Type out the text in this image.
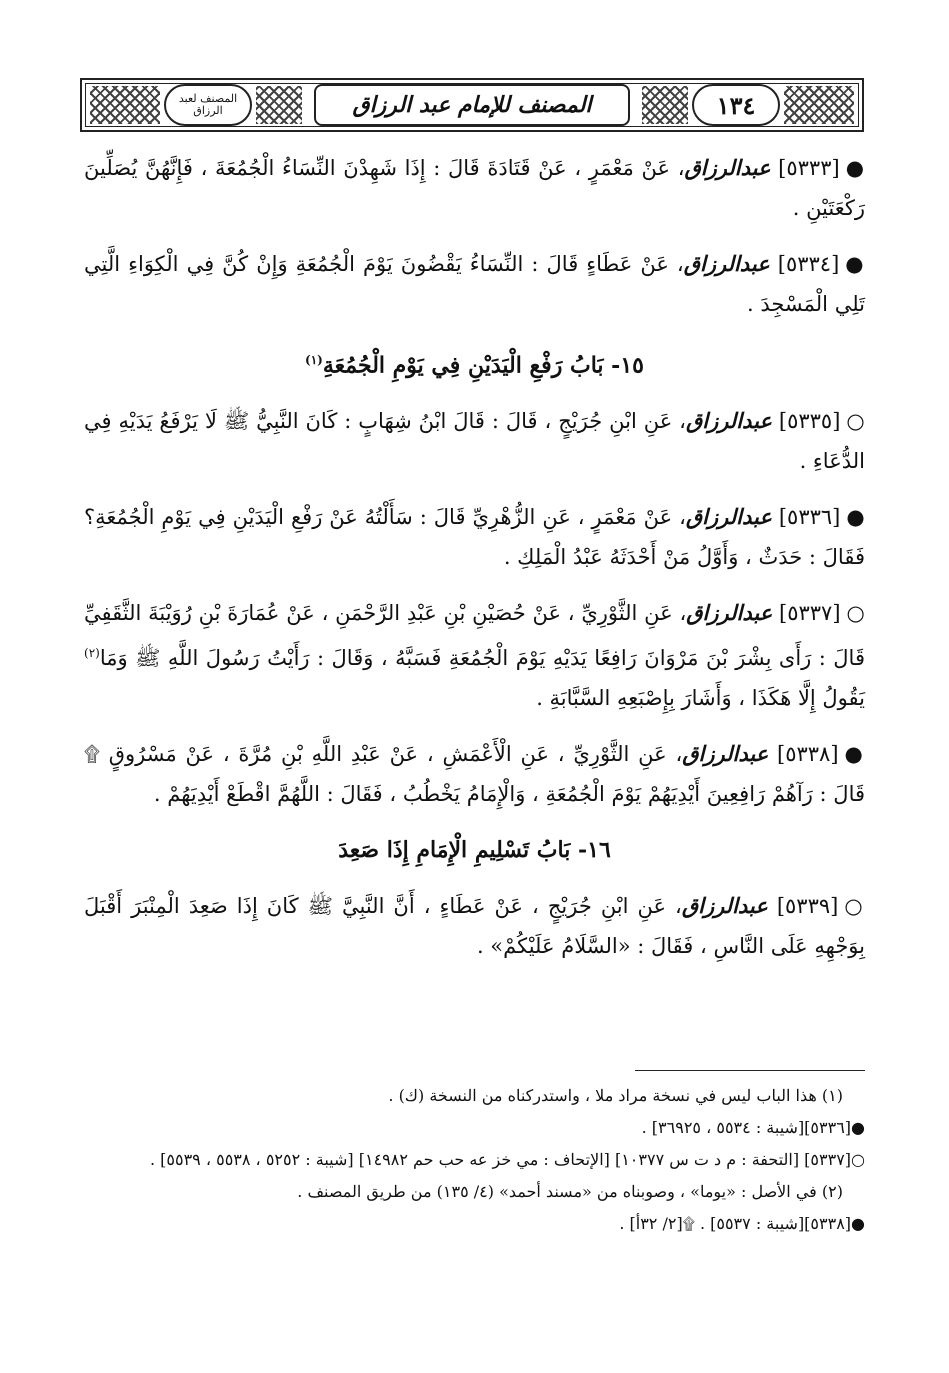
١٣٤
المصنف للإمام عبد الرزاق
المصنف لعبد الرزاق

●[٥٣٣٣] عبدالرزاق، عَنْ مَعْمَرٍ ، عَنْ قَتَادَةَ قَالَ : إِذَا شَهِدْنَ النِّسَاءُ الْجُمُعَةَ ، فَإِنَّهُنَّ يُصَلِّينَ رَكْعَتَيْنِ .

●[٥٣٣٤] عبدالرزاق، عَنْ عَطَاءٍ قَالَ : النِّسَاءُ يَقْضُونَ يَوْمَ الْجُمُعَةِ وَإِنْ كُنَّ فِي الْكِوَاءِ الَّتِي تَلِي الْمَسْجِدَ .

١٥- بَابُ رَفْعِ الْيَدَيْنِ فِي يَوْمِ الْجُمُعَةِ$^{(١)}$

○[٥٣٣٥] عبدالرزاق، عَنِ ابْنِ جُرَيْجٍ ، قَالَ : قَالَ ابْنُ شِهَابٍ : كَانَ النَّبِيُّ ﷺ لَا يَرْفَعُ يَدَيْهِ فِي الدُّعَاءِ .

●[٥٣٣٦] عبدالرزاق، عَنْ مَعْمَرٍ ، عَنِ الزُّهْرِيِّ قَالَ : سَأَلْتُهُ عَنْ رَفْعِ الْيَدَيْنِ فِي يَوْمِ الْجُمُعَةِ؟ فَقَالَ : حَدَثٌ ، وَأَوَّلُ مَنْ أَحْدَثَهُ عَبْدُ الْمَلِكِ .

○[٥٣٣٧] عبدالرزاق، عَنِ الثَّوْرِيِّ ، عَنْ حُصَيْنِ بْنِ عَبْدِ الرَّحْمَنِ ، عَنْ عُمَارَةَ بْنِ رُوَيْبَةَ الثَّقَفِيِّ قَالَ : رَأَى بِشْرَ بْنَ مَرْوَانَ رَافِعًا يَدَيْهِ يَوْمَ الْجُمُعَةِ فَسَبَّهُ ، وَقَالَ : رَأَيْتُ رَسُولَ اللَّهِ ﷺ وَمَا$^{(٢)}$ يَقُولُ إِلَّا هَكَذَا ، وَأَشَارَ بِإِصْبَعِهِ السَّبَّابَةِ .

●[٥٣٣٨] عبدالرزاق، عَنِ الثَّوْرِيِّ ، عَنِ الْأَعْمَشِ ، عَنْ عَبْدِ اللَّهِ بْنِ مُرَّةَ ، عَنْ مَسْرُوقٍ ۩ قَالَ : رَآهُمْ رَافِعِينَ أَيْدِيَهُمْ يَوْمَ الْجُمُعَةِ ، وَالْإِمَامُ يَخْطُبُ ، فَقَالَ : اللَّهُمَّ اقْطَعْ أَيْدِيَهُمْ .

١٦- بَابُ تَسْلِيمِ الْإِمَامِ إِذَا صَعِدَ

○[٥٣٣٩] عبدالرزاق، عَنِ ابْنِ جُرَيْجٍ ، عَنْ عَطَاءٍ ، أَنَّ النَّبِيَّ ﷺ كَانَ إِذَا صَعِدَ الْمِنْبَرَ أَقْبَلَ بِوَجْهِهِ عَلَى النَّاسِ ، فَقَالَ : «السَّلَامُ عَلَيْكُمْ» .

(١) هذا الباب ليس في نسخة مراد ملا ، واستدركناه من النسخة (ك) .

●[٥٣٣٦][شيبة : ٥٥٣٤ ، ٣٦٩٢٥] .

○[٥٣٣٧] [التحفة : م د ت س ١٠٣٧٧] [الإتحاف : مي خز عه حب حم ١٤٩٨٢] [شيبة : ٥٢٥٢ ، ٥٥٣٨ ، ٥٥٣٩] .

(٢) في الأصل : «يوما» ، وصوبناه من «مسند أحمد» (٤/ ١٣٥) من طريق المصنف .

●[٥٣٣٨][شيبة : ٥٥٣٧] . ۩[٢/ ٣٢أ] .
